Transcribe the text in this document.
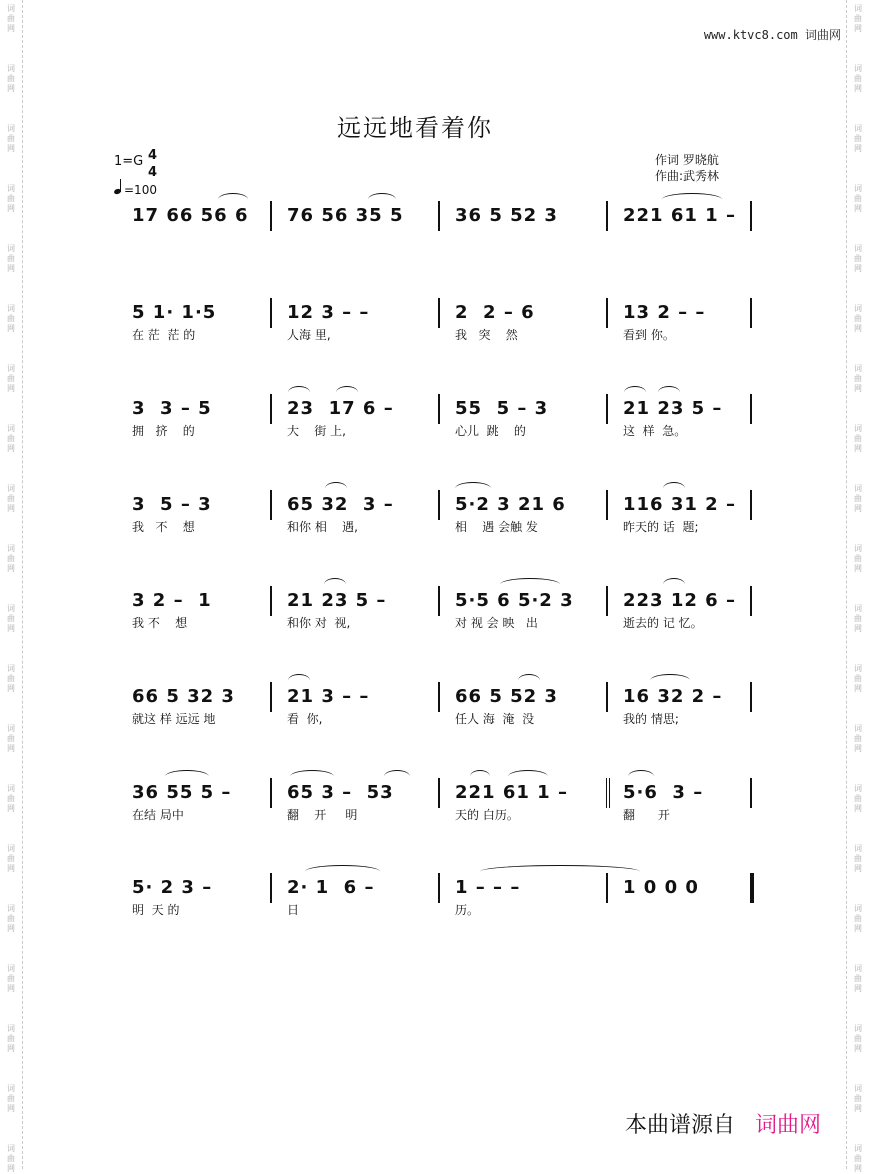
词
曲
网
词
曲
网
词
曲
网
词
曲
网
词
曲
网
词
曲
网
词
曲
网
词
曲
网
词
曲
网
词
曲
网
词
曲
网
词
曲
网
词
曲
网
词
曲
网
词
曲
网
词
曲
网
词
曲
网
词
曲
网
词
曲
网
词
曲
网
词
曲
网
词
曲
网
词
曲
网
词
曲
网
词
曲
网
词
曲
网
词
曲
网
词
曲
网
词
曲
网
词
曲
网
词
曲
网
词
曲
网
词
曲
网
词
曲
网
词
曲
网
词
曲
网
词
曲
网
词
曲
网
词
曲
网
词
曲
网
www.ktvc8.com 词曲网
远远地看着你
1=G 4
4
=100
作词 罗晓航
作曲:武秀林
17 66 56 6 76 56 35 5	36 5 52 3	221 61 1 –
5 1· 1·5
在 茫  茫 的
12 3 – –
人海 里,
2  2 – 6
我   突    然
13 2 – –
看到 你。
3  3 – 5
拥   挤    的
23  17 6 –
大    街 上,
55  5 – 3
心儿  跳    的
21 23 5 –
这  样  急。
3  5 – 3
我   不    想
65 32  3 –
和你 相    遇,
5·2 3 21 6
相    遇 会触 发
116 31 2 –
昨天的 话  题;
3 2 –  1
我 不    想
21 23 5 –
和你 对  视,
5·5 6 5·2 3
对 视 会 映   出
223 12 6 –
逝去的 记 忆。
66 5 32 3
就这 样 远远 地
21 3 – –
看  你,
66 5 52 3
任人 海  淹  没
16 32 2 –
我的 情思;
36 55 5 –
在结 局中
65 3 –  53
翻    开     明
221 61 1 –
天的 白历。
5·6  3 –
翻      开
5· 2 3 –
明  天 的
2· 1  6 –
日
1 – – –
历。
1 0 0 0
本曲谱源自 词曲网
